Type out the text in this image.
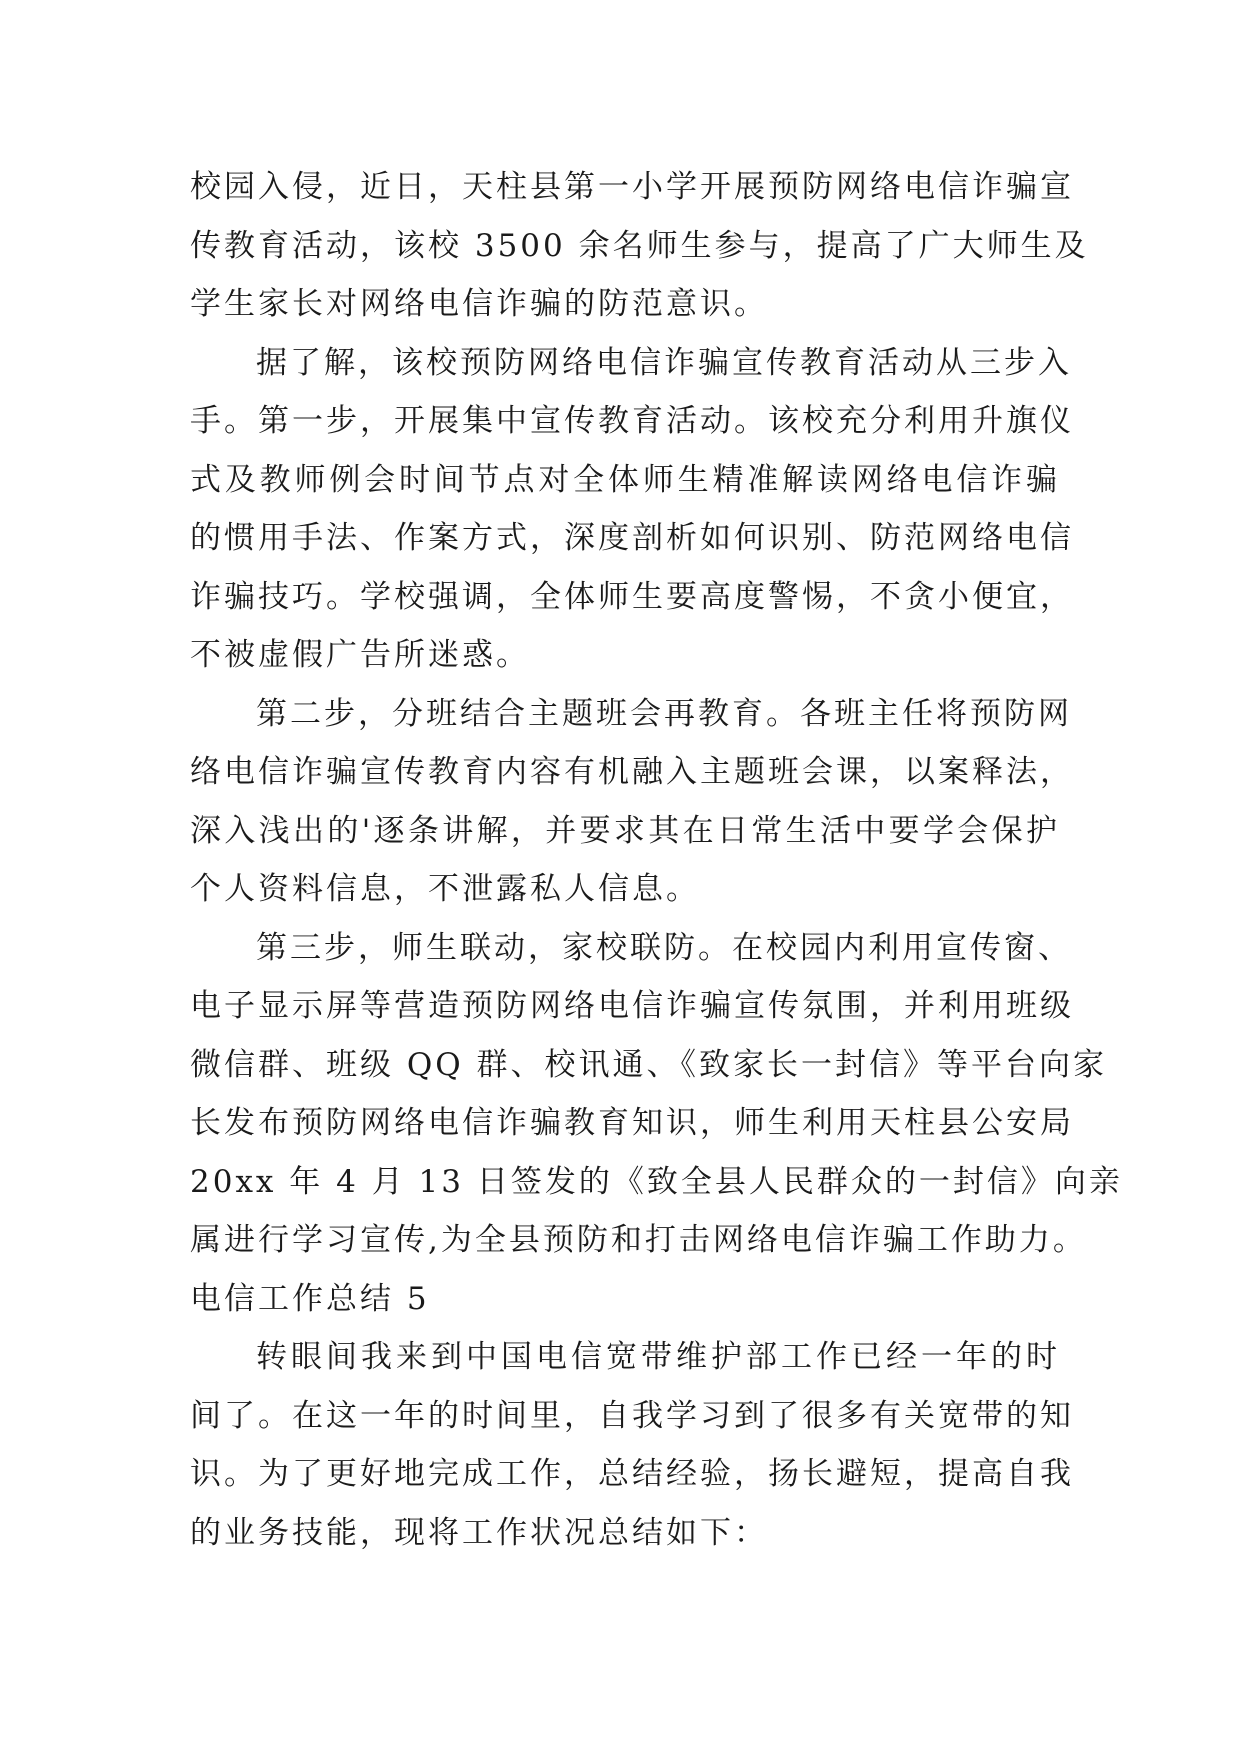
校园入侵，近日，天柱县第一小学开展预防网络电信诈骗宣
传教育活动，该校 3500 余名师生参与，提高了广大师生及
学生家长对网络电信诈骗的防范意识。
据了解，该校预防网络电信诈骗宣传教育活动从三步入
手。第一步，开展集中宣传教育活动。该校充分利用升旗仪
式及教师例会时间节点对全体师生精准解读网络电信诈骗
的惯用手法、作案方式，深度剖析如何识别、防范网络电信
诈骗技巧。学校强调，全体师生要高度警惕，不贪小便宜，
不被虚假广告所迷惑。
第二步，分班结合主题班会再教育。各班主任将预防网
络电信诈骗宣传教育内容有机融入主题班会课，以案释法，
深入浅出的'逐条讲解，并要求其在日常生活中要学会保护
个人资料信息，不泄露私人信息。
第三步，师生联动，家校联防。在校园内利用宣传窗、
电子显示屏等营造预防网络电信诈骗宣传氛围，并利用班级
微信群、班级 QQ 群、校讯通、《致家长一封信》等平台向家
长发布预防网络电信诈骗教育知识，师生利用天柱县公安局
20xx 年 4 月 13 日签发的《致全县人民群众的一封信》向亲
属进行学习宣传,为全县预防和打击网络电信诈骗工作助力。
电信工作总结 5
转眼间我来到中国电信宽带维护部工作已经一年的时
间了。在这一年的时间里，自我学习到了很多有关宽带的知
识。为了更好地完成工作，总结经验，扬长避短，提高自我
的业务技能，现将工作状况总结如下：
